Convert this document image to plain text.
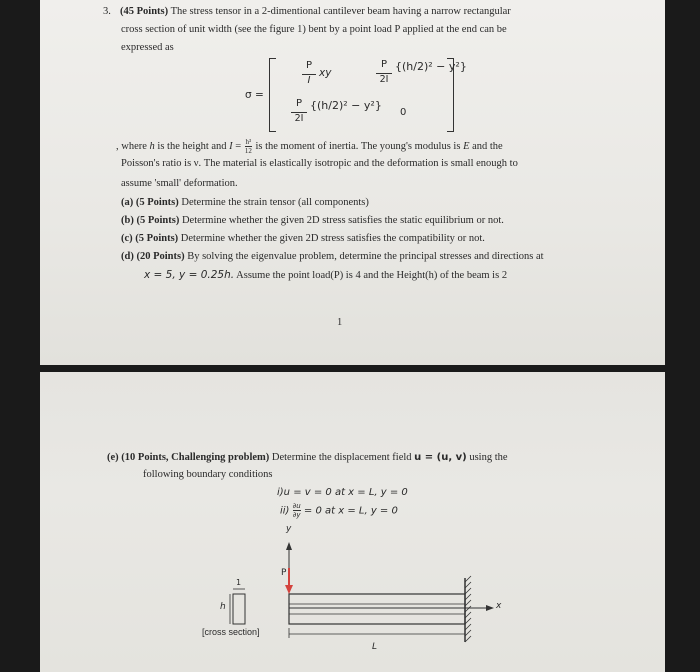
3. (45 Points) The stress tensor in a 2-dimentional cantilever beam having a narrow rectangular
cross section of unit width (see the figure 1) bent by a point load P applied at the end can be
expressed as
σ =
P
I
xy
P
2I
{(h/2)² − y²}
P
2I
{(h/2)² − y²}
0
, where h is the height and $I = \frac{\text{h³}}{12}$ is the moment of inertia. The young's modulus is E and the
Poisson's ratio is ν. The material is elastically isotropic and the deformation is small enough to
assume 'small' deformation.
(a) (5 Points) Determine the strain tensor (all components)
(b) (5 Points) Determine whether the given 2D stress satisfies the static equilibrium or not.
(c) (5 Points) Determine whether the given 2D stress satisfies the compatibility or not.
(d) (20 Points) By solving the eigenvalue problem, determine the principal stresses and directions at
x = 5, y = 0.25h. Assume the point load(P) is 4 and the Height(h) of the beam is 2
1
(e) (10 Points, Challenging problem) Determine the displacement field u = (u, v) using the
following boundary conditions
i)u = v = 0 at x = L, y = 0
$ii) \frac{\partial u}{\partial y} = 0$ at x = L, y = 0
y
x
P
L
h
1
[cross section]
